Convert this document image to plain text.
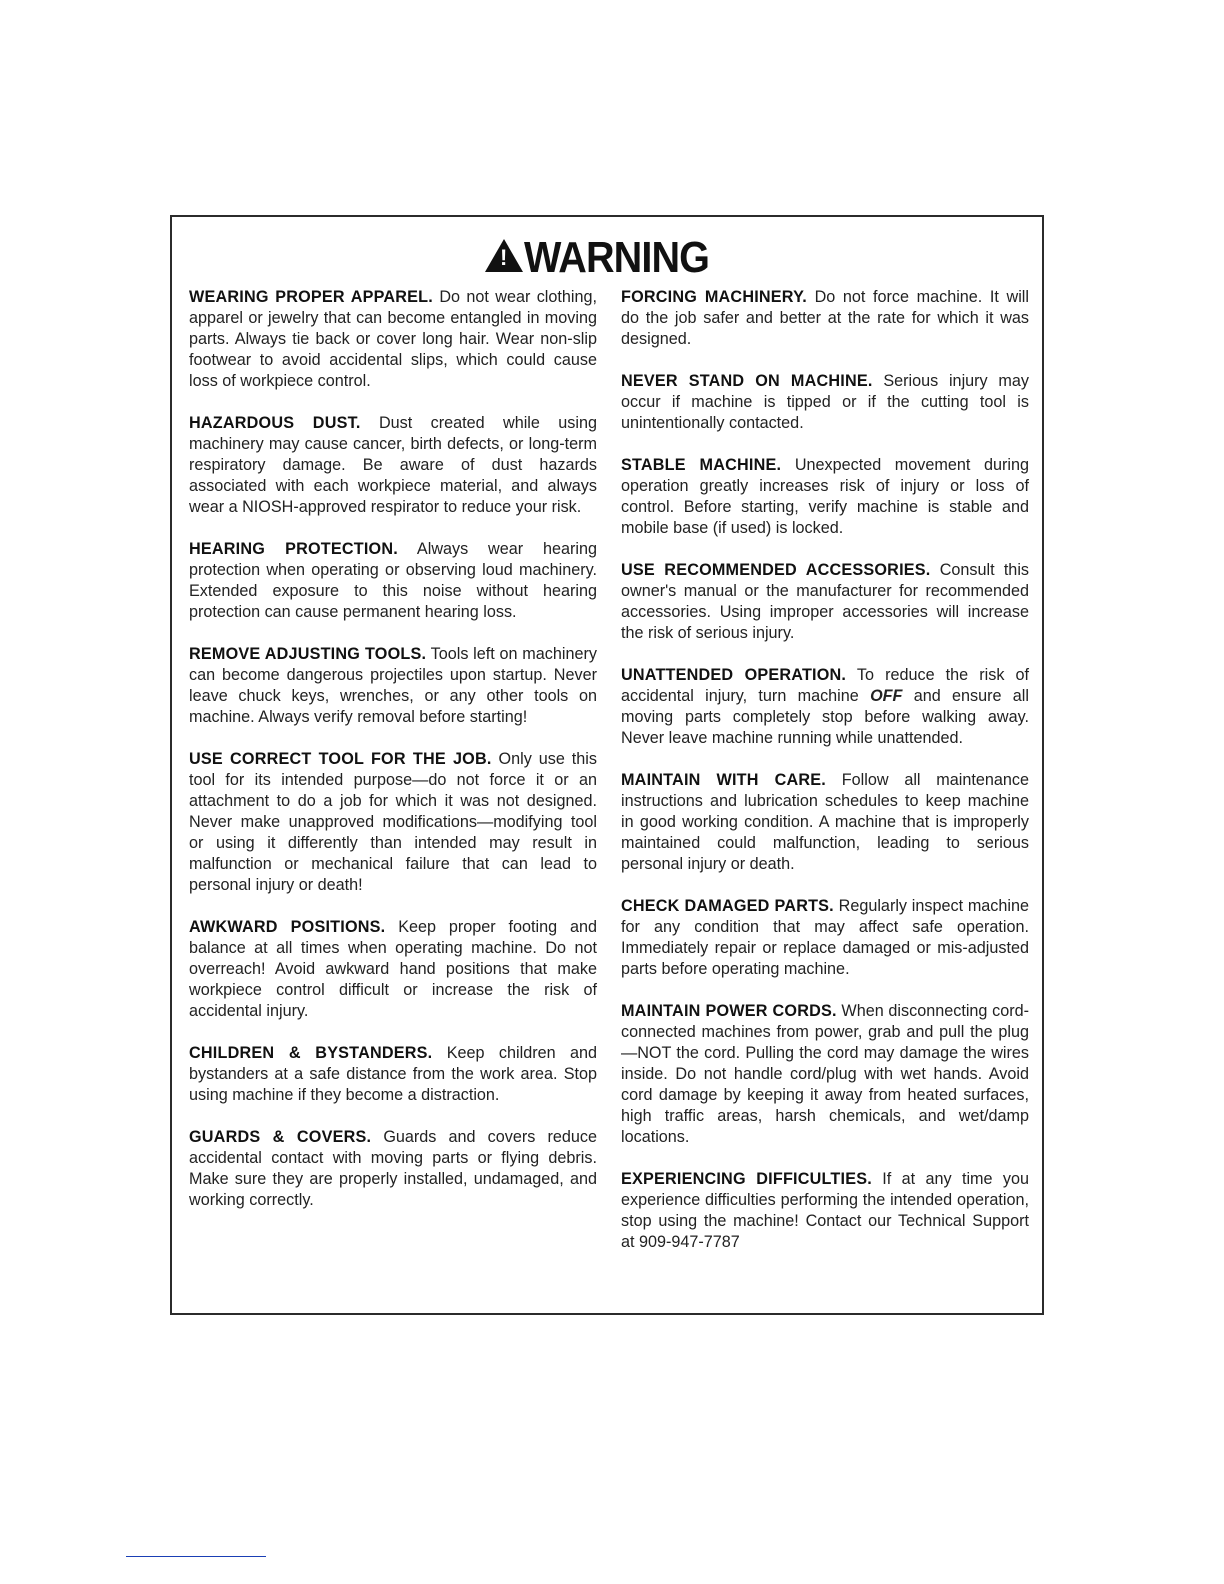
! WARNING

WEARING PROPER APPAREL. Do not wear clothing, apparel or jewelry that can become entangled in moving parts. Always tie back or cover long hair. Wear non-slip footwear to avoid accidental slips, which could cause loss of workpiece control.

HAZARDOUS DUST. Dust created while using machinery may cause cancer, birth defects, or long-term respiratory damage. Be aware of dust hazards associated with each workpiece material, and always wear a NIOSH-approved respirator to reduce your risk.

HEARING PROTECTION. Always wear hearing protection when operating or observing loud machinery. Extended exposure to this noise without hearing protection can cause permanent hearing loss.

REMOVE ADJUSTING TOOLS. Tools left on machinery can become dangerous projectiles upon startup. Never leave chuck keys, wrenches, or any other tools on machine. Always verify removal before starting!

USE CORRECT TOOL FOR THE JOB. Only use this tool for its intended purpose—do not force it or an attachment to do a job for which it was not designed. Never make unapproved modifications—modifying tool or using it differently than intended may result in malfunction or mechanical failure that can lead to personal injury or death!

AWKWARD POSITIONS. Keep proper footing and balance at all times when operating machine. Do not overreach! Avoid awkward hand positions that make workpiece control difficult or increase the risk of accidental injury.

CHILDREN & BYSTANDERS. Keep children and bystanders at a safe distance from the work area. Stop using machine if they become a distraction.

GUARDS & COVERS. Guards and covers reduce accidental contact with moving parts or flying debris. Make sure they are properly installed, undamaged, and working correctly.

FORCING MACHINERY. Do not force machine. It will do the job safer and better at the rate for which it was designed.

NEVER STAND ON MACHINE. Serious injury may occur if machine is tipped or if the cutting tool is unintentionally contacted.

STABLE MACHINE. Unexpected movement during operation greatly increases risk of injury or loss of control. Before starting, verify machine is stable and mobile base (if used) is locked.

USE RECOMMENDED ACCESSORIES. Consult this owner's manual or the manufacturer for recommended accessories. Using improper accessories will increase the risk of serious injury.

UNATTENDED OPERATION. To reduce the risk of accidental injury, turn machine OFF and ensure all moving parts completely stop before walking away. Never leave machine running while unattended.

MAINTAIN WITH CARE. Follow all maintenance instructions and lubrication schedules to keep machine in good working condition. A machine that is improperly maintained could malfunction, leading to serious personal injury or death.

CHECK DAMAGED PARTS. Regularly inspect machine for any condition that may affect safe operation. Immediately repair or replace damaged or mis-adjusted parts before operating machine.

MAINTAIN POWER CORDS. When disconnecting cord-connected machines from power, grab and pull the plug—NOT the cord. Pulling the cord may damage the wires inside. Do not handle cord/plug with wet hands. Avoid cord damage by keeping it away from heated surfaces, high traffic areas, harsh chemicals, and wet/damp locations.

EXPERIENCING DIFFICULTIES. If at any time you experience difficulties performing the intended operation, stop using the machine! Contact our Technical Support at 909-947-7787
